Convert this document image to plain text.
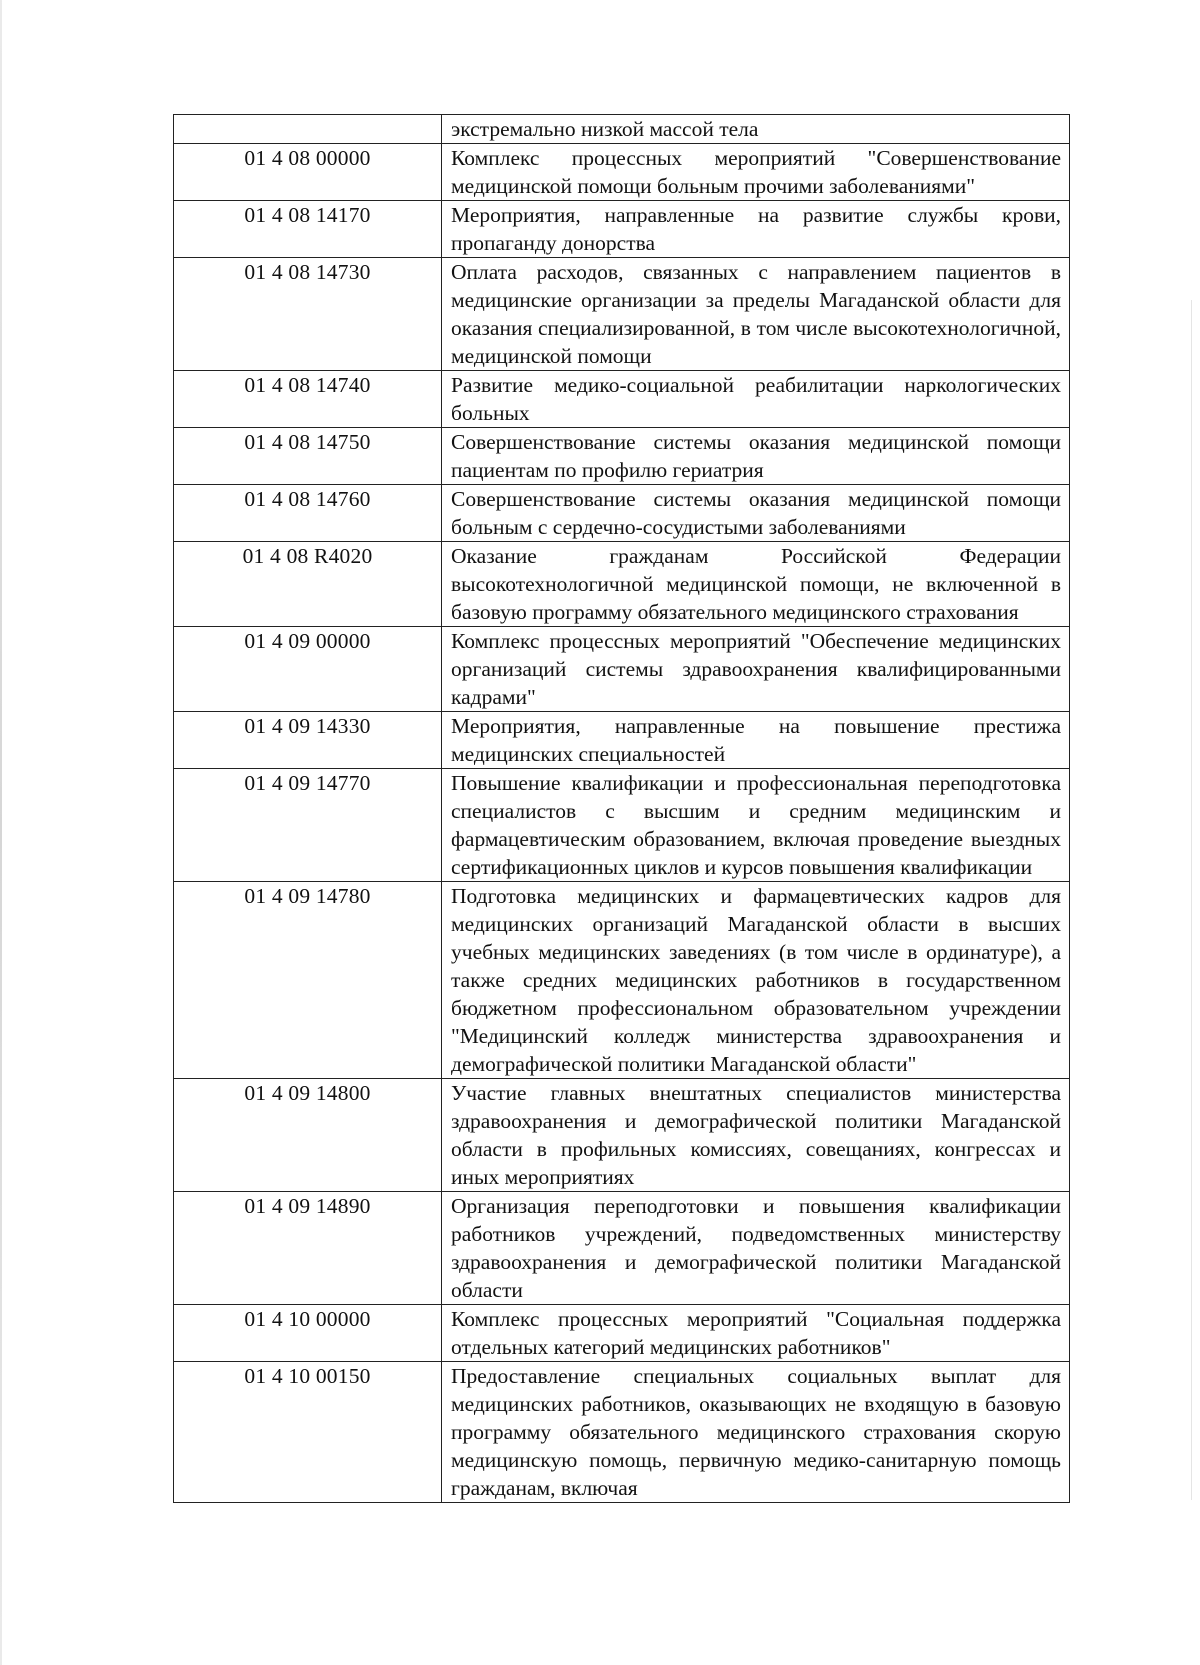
	экстремально низкой массой тела
01 4 08 00000	Комплекс процессных мероприятий "Совершенствование медицинской помощи больным прочими заболеваниями"
01 4 08 14170	Мероприятия, направленные на развитие службы крови, пропаганду донорства
01 4 08 14730	Оплата расходов, связанных с направлением пациентов в медицинские организации за пределы Магаданской области для оказания специализированной, в том числе высокотехнологичной, медицинской помощи
01 4 08 14740	Развитие медико-социальной реабилитации наркологических больных
01 4 08 14750	Совершенствование системы оказания медицинской помощи пациентам по профилю гериатрия
01 4 08 14760	Совершенствование системы оказания медицинской помощи больным с сердечно-сосудистыми заболеваниями
01 4 08 R4020	Оказание гражданам Российской Федерации высокотехнологичной медицинской помощи, не включенной в базовую программу обязательного медицинского страхования
01 4 09 00000	Комплекс процессных мероприятий "Обеспечение медицинских организаций системы здравоохранения квалифицированными кадрами"
01 4 09 14330	Мероприятия, направленные на повышение престижа медицинских специальностей
01 4 09 14770	Повышение квалификации и профессиональная переподготовка специалистов с высшим и средним медицинским и фармацевтическим образованием, включая проведение выездных сертификационных циклов и курсов повышения квалификации
01 4 09 14780	Подготовка медицинских и фармацевтических кадров для медицинских организаций Магаданской области в высших учебных медицинских заведениях (в том числе в ординатуре), а также средних медицинских работников в государственном бюджетном профессиональном образовательном учреждении "Медицинский колледж министерства здравоохранения и демографической политики Магаданской области"
01 4 09 14800	Участие главных внештатных специалистов министерства здравоохранения и демографической политики Магаданской области в профильных комиссиях, совещаниях, конгрессах и иных мероприятиях
01 4 09 14890	Организация переподготовки и повышения квалификации работников учреждений, подведомственных министерству здравоохранения и демографической политики Магаданской области
01 4 10 00000	Комплекс процессных мероприятий "Социальная поддержка отдельных категорий медицинских работников"
01 4 10 00150	Предоставление специальных социальных выплат для медицинских работников, оказывающих не входящую в базовую программу обязательного медицинского страхования скорую медицинскую помощь, первичную медико-санитарную помощь гражданам, включая
